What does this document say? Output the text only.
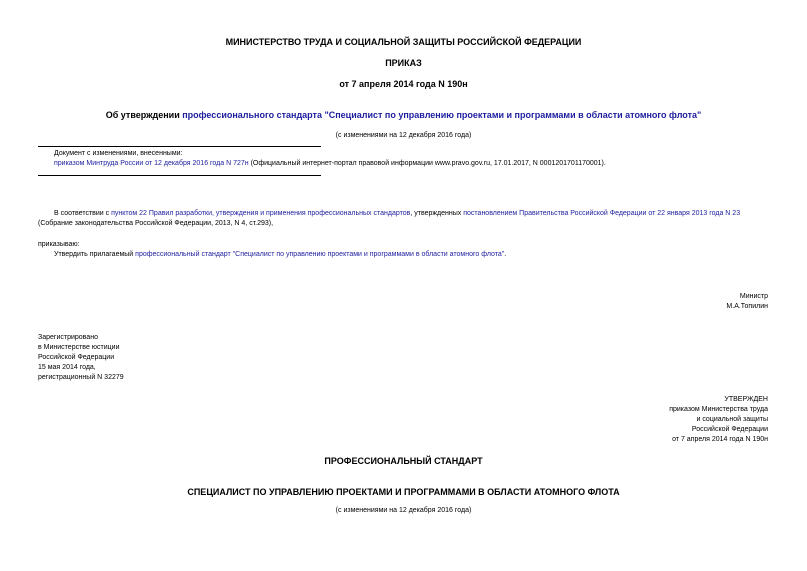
МИНИСТЕРСТВО ТРУДА И СОЦИАЛЬНОЙ ЗАЩИТЫ РОССИЙСКОЙ ФЕДЕРАЦИИ
ПРИКАЗ
от 7 апреля 2014 года N 190н
Об утверждении профессионального стандарта "Специалист по управлению проектами и программами в области атомного флота"
(с изменениями на 12 декабря 2016 года)
Документ с изменениями, внесенными:
приказом Минтруда России от 12 декабря 2016 года N 727н (Официальный интернет-портал правовой информации www.pravo.gov.ru, 17.01.2017, N 0001201701170001).
В соответствии с пунктом 22 Правил разработки, утверждения и применения профессиональных стандартов, утвержденных постановлением Правительства Российской Федерации от 22 января 2013 года N 23
(Собрание законодательства Российской Федерации, 2013, N 4, ст.293),
приказываю:
Утвердить прилагаемый профессиональный стандарт "Специалист по управлению проектами и программами в области атомного флота".
Министр
М.А.Топилин
Зарегистрировано
в Министерстве юстиции
Российской Федерации
15 мая 2014 года,
регистрационный N 32279
УТВЕРЖДЕН
приказом Министерства труда
и социальной защиты
Российской Федерации
от 7 апреля 2014 года N 190н
ПРОФЕССИОНАЛЬНЫЙ СТАНДАРТ
СПЕЦИАЛИСТ ПО УПРАВЛЕНИЮ ПРОЕКТАМИ И ПРОГРАММАМИ В ОБЛАСТИ АТОМНОГО ФЛОТА
(с изменениями на 12 декабря 2016 года)
